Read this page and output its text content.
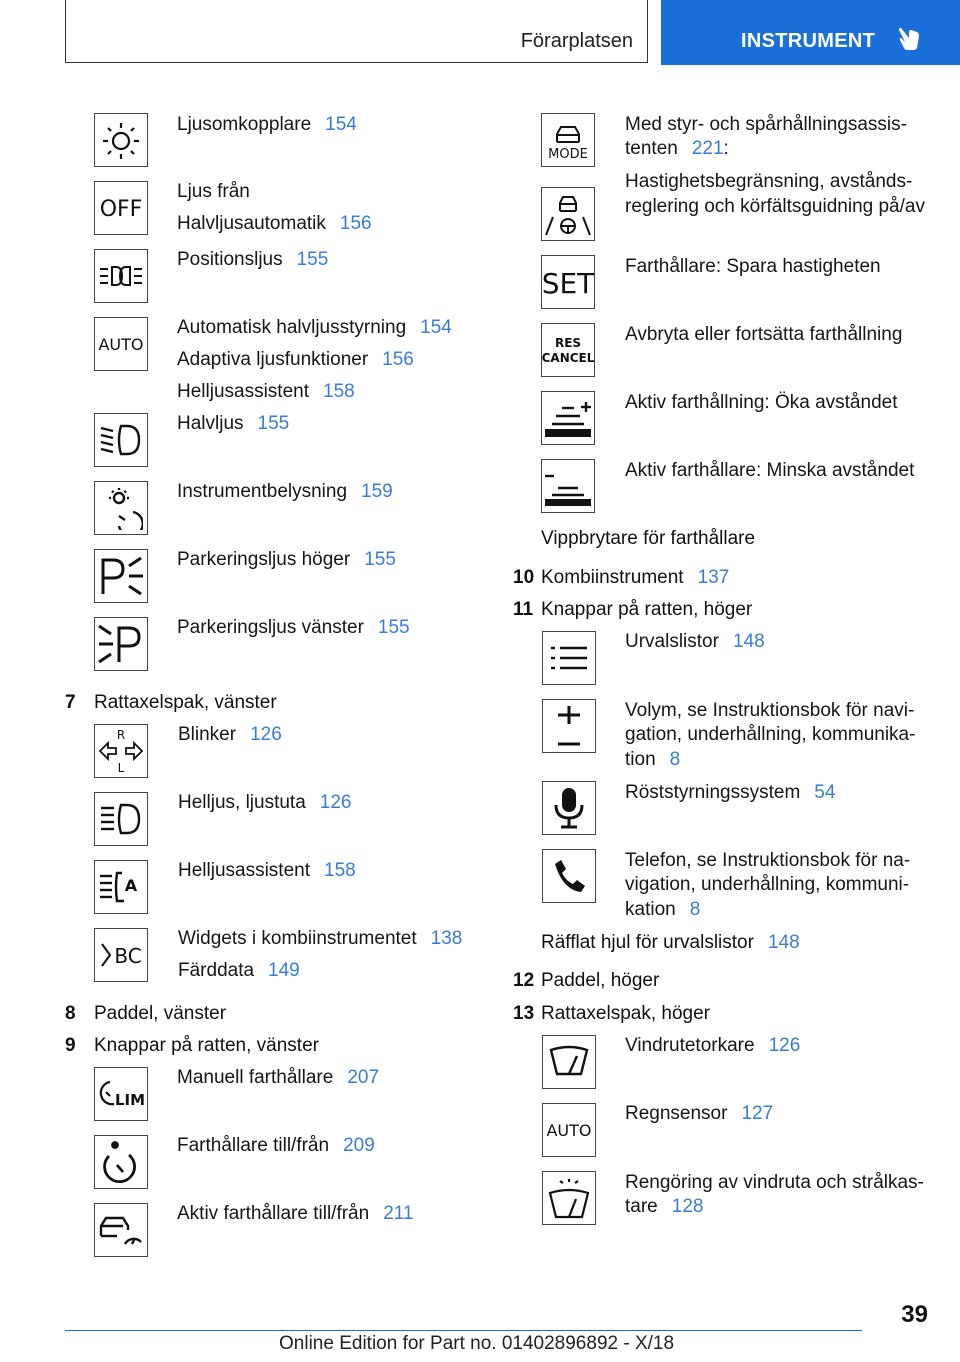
Förarplatsen	INSTRUMENT
Ljusomkopplare 154
OFF
Ljus från
Halvljusautomatik 156
Positionsljus 155
AUTO
Automatisk halvljusstyrning 154
Adaptiva ljusfunktioner 156
Helljusassistent 158
Halvljus 155
Instrumentbelysning 159
Parkeringsljus höger 155
Parkeringsljus vänster 155
7 Rattaxelspak, vänster
R
L
Blinker 126
Helljus, ljustuta 126
A
Helljusassistent 158
BC
Widgets i kombiinstrumentet 138
Färddata 149
8 Paddel, vänster
9 Knappar på ratten, vänster
LIM
Manuell farthållare 207
Farthållare till/från 209
Aktiv farthållare till/från 211
MODE
Med styr- och spårhållningsassis-
tenten 221:
Hastighetsbegränsning, avstånds-
reglering och körfältsguidning på/av
SET
Farthållare: Spara hastigheten
RES
CANCEL
Avbryta eller fortsätta farthållning
Aktiv farthållning: Öka avståndet
Aktiv farthållare: Minska avståndet
Vippbrytare för farthållare
10 Kombiinstrument 137
11 Knappar på ratten, höger
Urvalslistor 148
Volym, se Instruktionsbok för navi-
gation, underhållning, kommunika-
tion 8
Röststyrningssystem 54
Telefon, se Instruktionsbok för na-
vigation, underhållning, kommuni-
kation 8
Räfflat hjul för urvalslistor 148
12 Paddel, höger
13 Rattaxelspak, höger
Vindrutetorkare 126
AUTO
Regnsensor 127
Rengöring av vindruta och strålkas-
tare 128
39
Online Edition for Part no. 01402896892 - X/18
